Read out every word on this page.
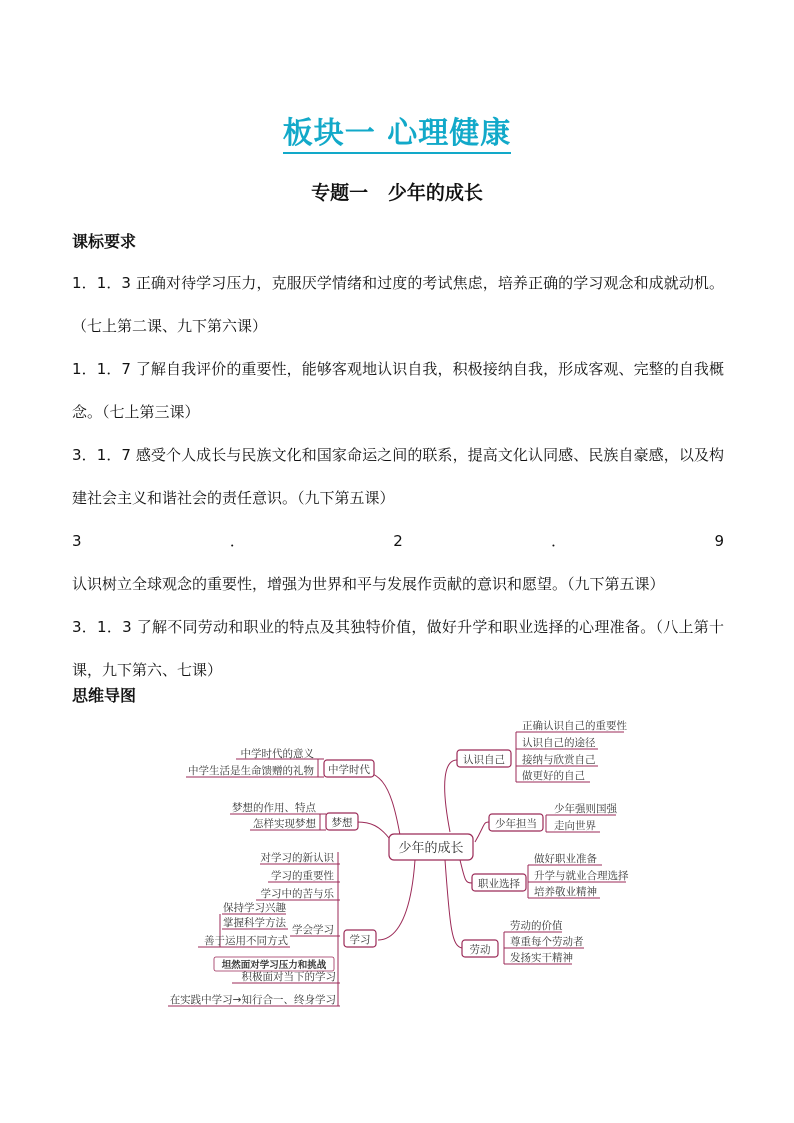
板块一 心理健康
专题一   少年的成长
课标要求
1．1．3 正确对待学习压力，克服厌学情绪和过度的考试焦虑，培养正确的学习观念和成就动机。（七上第二课、九下第六课）
1．1．7 了解自我评价的重要性，能够客观地认识自我，积极接纳自我，形成客观、完整的自我概念。（七上第三课）
3．1．7 感受个人成长与民族文化和国家命运之间的联系，提高文化认同感、民族自豪感，以及构建社会主义和谐社会的责任意识。（九下第五课）
3．2．9 认识树立全球观念的重要性，增强为世界和平与发展作贡献的意识和愿望。（九下第五课）
3．1．3 了解不同劳动和职业的特点及其独特价值，做好升学和职业选择的心理准备。（八上第十课，九下第六、七课）
思维导图
少年的成长
中学时代
梦想
学习
认识自己
少年担当
职业选择
劳动
中学时代的意义
中学生活是生命馈赠的礼物
梦想的作用、特点
怎样实现梦想
对学习的新认识
学习的重要性
学习中的苦与乐
学会学习
保持学习兴趣
掌握科学方法
善于运用不同方式
坦然面对学习压力和挑战
积极面对当下的学习
在实践中学习→知行合一、终身学习
正确认识自己的重要性
认识自己的途径
接纳与欣赏自己
做更好的自己
少年强则国强
走向世界
做好职业准备
升学与就业合理选择
培养敬业精神
劳动的价值
尊重每个劳动者
发扬实干精神
